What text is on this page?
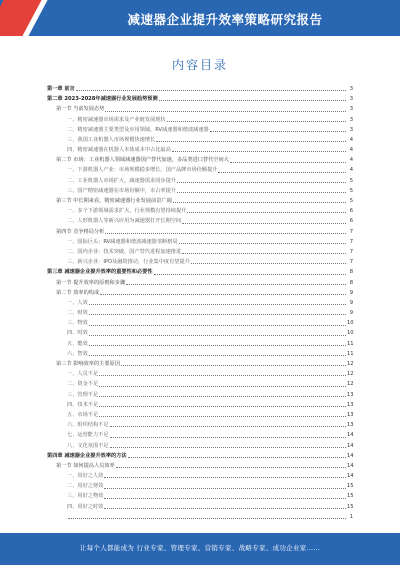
减速器企业提升效率策略研究报告
内容目录
第一章 前言	3
第二章 2023-2028年减速器行业发展趋势预测	3
第一节 当前发展态势	3
一、精密减速器市场需求及产业链发展现状	3
二、精密减速器主要类型及应用领域，RV减速器和谐波减速器	3
三、我国工业机器人市场规模快速增长	4
四、精密减速器在机器人本体成本中占比最高	4
第二节 市场：工业机器人领域减速器国产替代加速，多品类进口替代空间大	4
一、下游机器人产业：市场规模稳步增长，国产品牌市场份额提升	4
二、工业机器人市场扩大，减速器需求同步提升	5
三、国产精密减速器在市场份额中，市占率提升	5
第三节 中长期来看，精密减速器行业发展前景广阔	5
一、多个下游领域需求扩大，行业规模有望持续提升	6
二、人形机器人等新兴应用为减速器打开长期空间	6
第四节 竞争格局分析	7
一、国际巨头：RV减速器和谐波减速器垄断格局	7
二、国内企业：技术突破，国产替代进程加速推进	7
三、新兴企业：IPO及融资推动，行业集中度有望提升	7
第三章 减速器企业提升效率的重要性和必要性	8
第一节 提升效率的原则和步骤	8
第二节 效率的构成	9
一、人效	9
二、财效	9
三、物效	10
四、时效	10
五、能效	11
六、智效	11
第三节 影响效率的主要原因	12
一、人员不足	12
二、资金不足	12
三、管理不足	13
四、技术不足	13
五、市场不足	13
六、组织结构不足	13
七、运营能力不足	14
八、文化氛围不足	14
第四章 减速器企业提升效率的方法	14
第一节 如何提高人员效率	14
一、用好之人效	14
二、用好之财效	15
三、用好之物效	15
四、用好之时效	15
1
让每个人都能成为 行业专家、管理专家、营销专家、战略专家、成功企业家……
